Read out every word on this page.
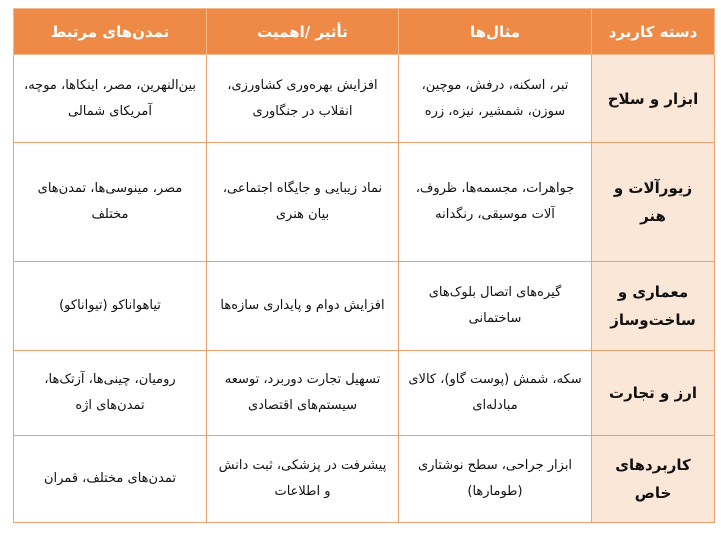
دسته کاربرد	مثال‌ها	تأثیر /اهمیت	تمدن‌های مرتبط
ابزار و سلاح	تبر، اسکنه، درفش، موچین، سوزن، شمشیر، نیزه، زره	افزایش بهره‌وری کشاورزی، انقلاب در جنگاوری	بین‌النهرین، مصر، اینکاها، موچه، آمریکای شمالی
زیورآلات و هنر	جواهرات، مجسمه‌ها، ظروف، آلات موسیقی، رنگدانه	نماد زیبایی و جایگاه اجتماعی، بیان هنری	مصر، مینوسی‌ها، تمدن‌های مختلف
معماری و ساخت‌وساز	گیره‌های اتصال بلوک‌های ساختمانی	افزایش دوام و پایداری سازه‌ها	تیاهواناکو (تیواناکو)
ارز و تجارت	سکه، شمش (پوست گاو)، کالای مبادله‌ای	تسهیل تجارت دوربرد، توسعه سیستم‌های اقتصادی	رومیان، چینی‌ها، آزتک‌ها، تمدن‌های اژه
کاربردهای خاص	ابزار جراحی، سطح نوشتاری (طومارها)	پیشرفت در پزشکی، ثبت دانش و اطلاعات	تمدن‌های مختلف، قمران
